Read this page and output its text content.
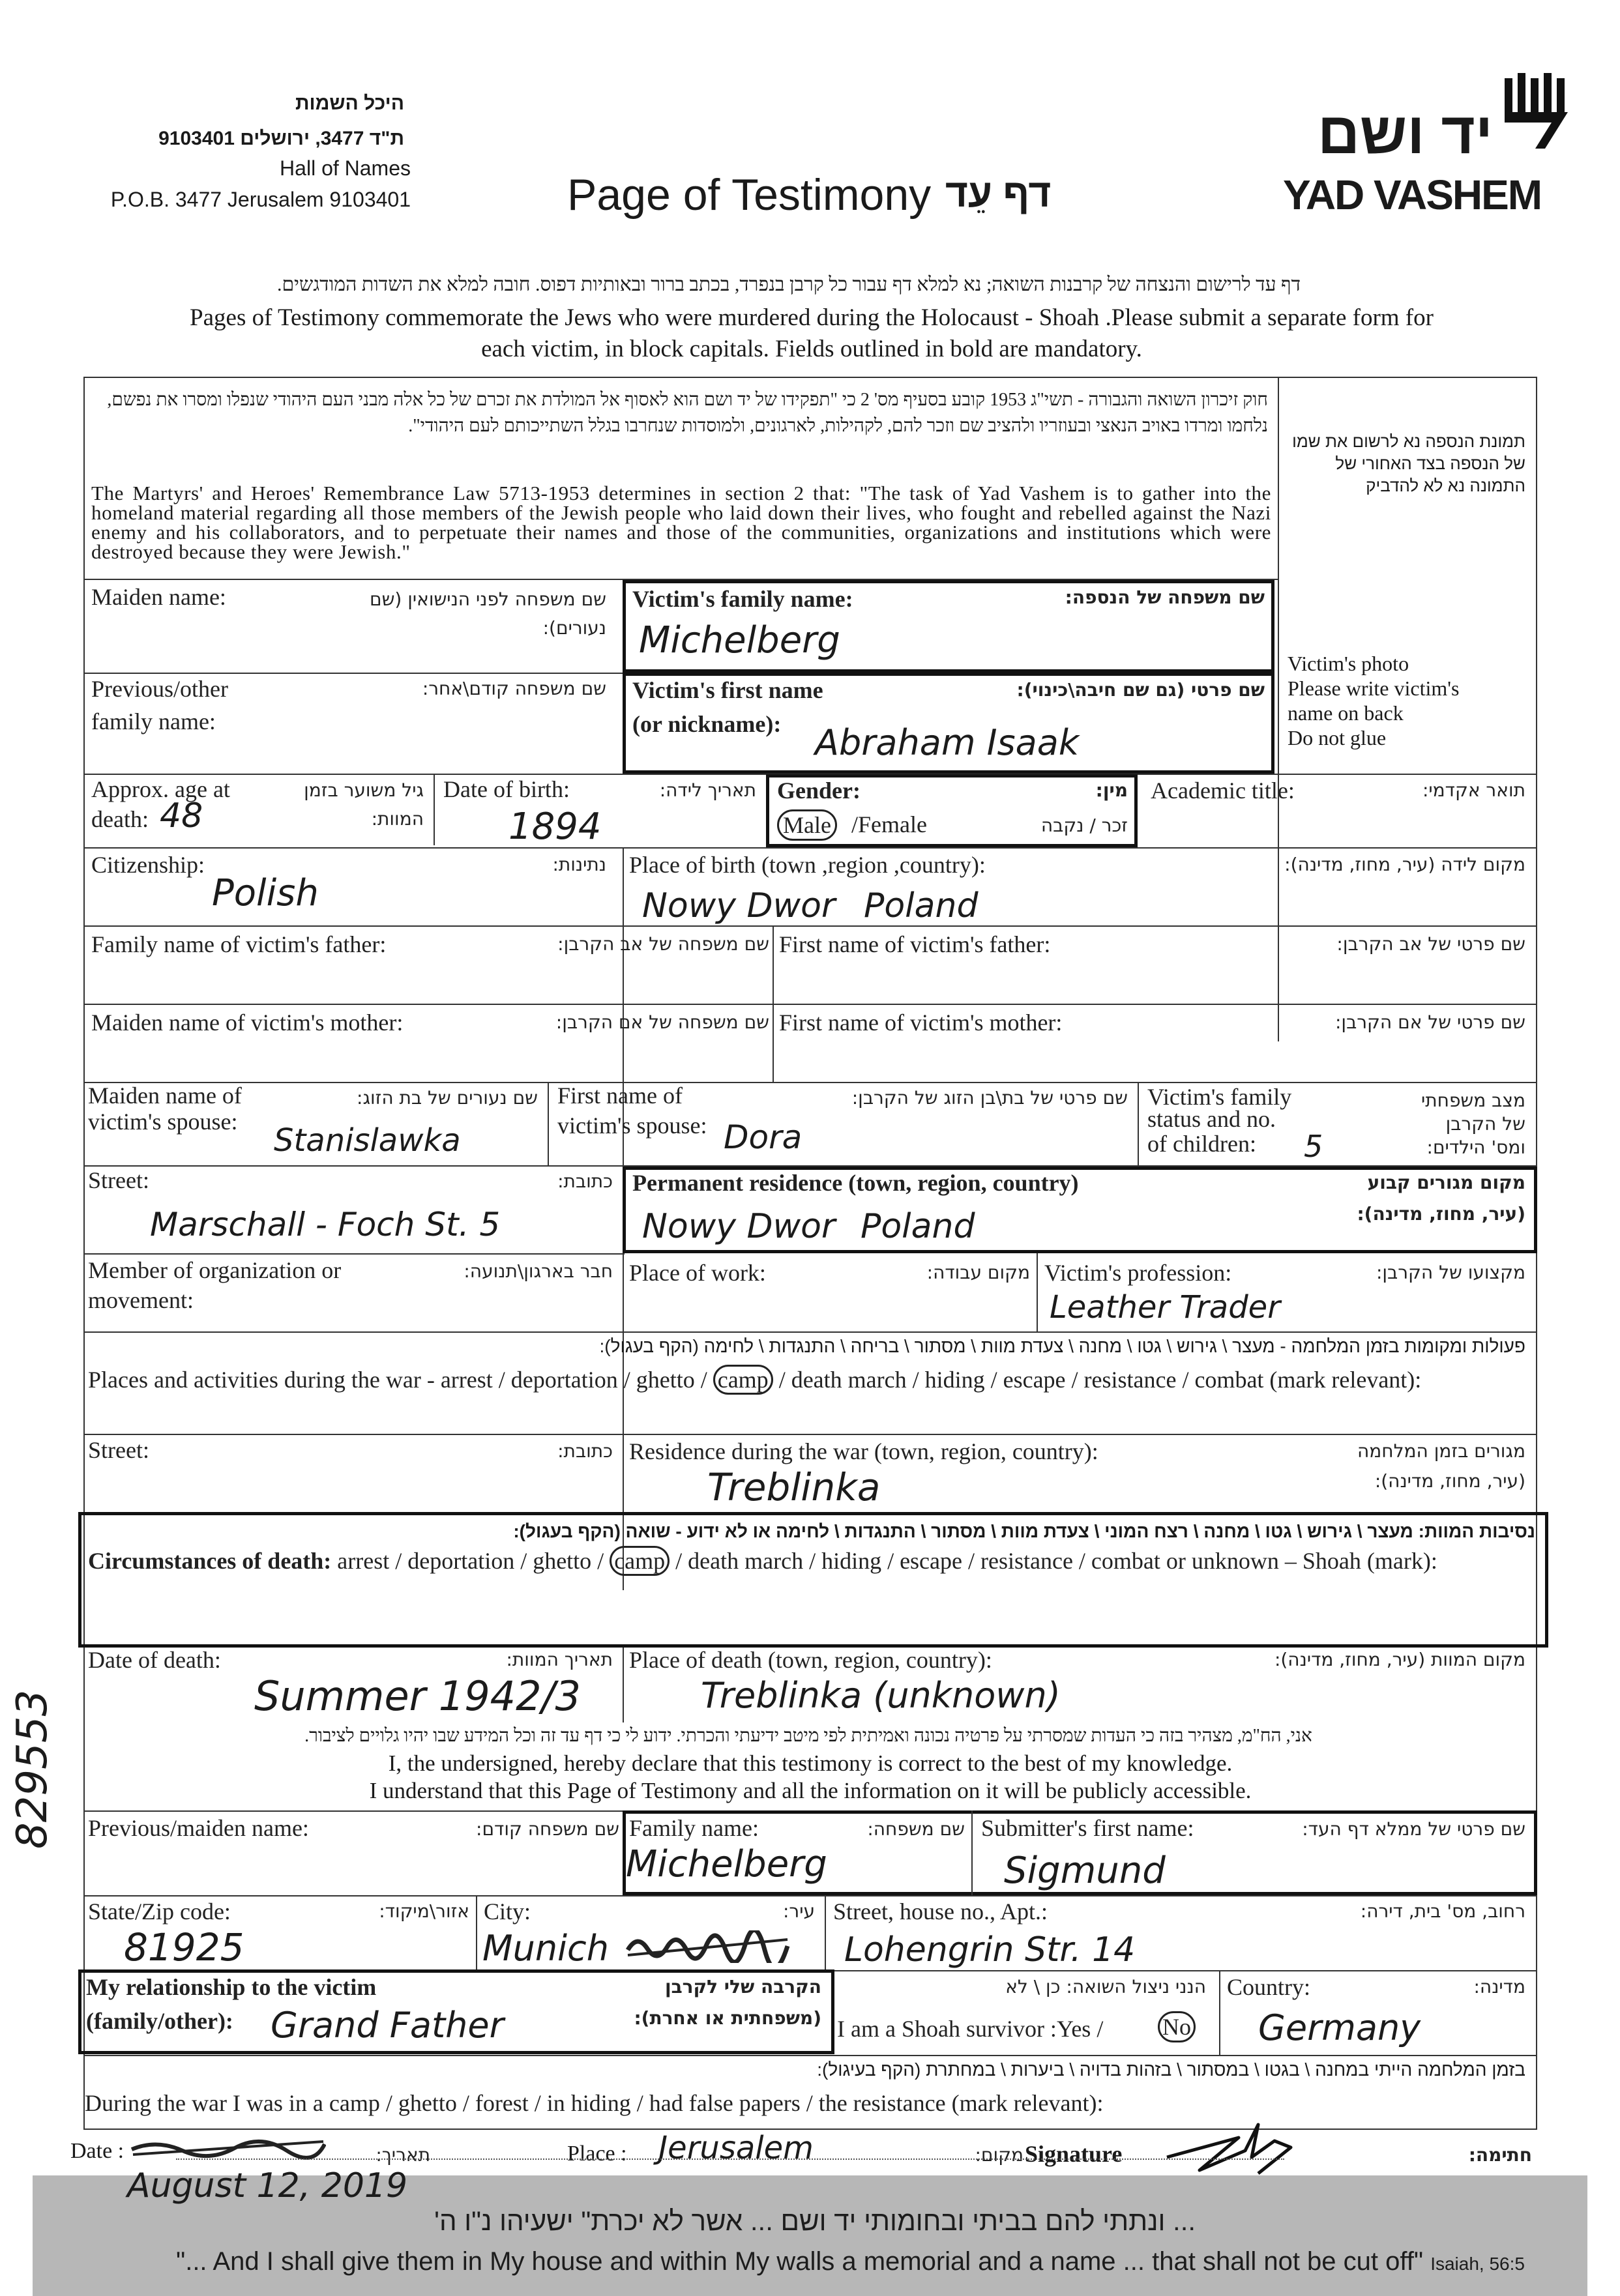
היכל השמות
ת"ד 3477, ירושלים 9103401
Hall of Names
P.O.B. 3477 Jerusalem 9103401	Page of Testimony דף עֵד
יד ושם
YAD VASHEM
דף עד לרישום והנצחה של קרבנות השואה; נא למלא דף עבור כל קרבן בנפרד, בכתב ברור ובאותיות דפוס. חובה למלא את השדות המודגשים.
Pages of Testimony commemorate the Jews who were murdered during the Holocaust - Shoah .Please submit a separate form for
each victim, in block capitals. Fields outlined in bold are mandatory.
חוק זיכרון השואה והגבורה - תשי"ג 1953 קובע בסעיף מס' 2 כי "תפקידו של יד ושם הוא לאסוף אל המולדת את זכרם של כל אלה מבני העם היהודי שנפלו ומסרו את נפשם, נלחמו ומרדו באויב הנאצי ובעוזריו ולהציב שם וזכר להם, לקהילות, לארגונים, ולמוסדות שנחרבו בגלל השתייכותם לעם היהודי".
The Martyrs' and Heroes' Remembrance Law 5713-1953 determines in section 2 that: "The task of Yad Vashem is to gather into the homeland material regarding all those members of the Jewish people who laid down their lives, who fought and rebelled against the Nazi enemy and his collaborators, and to perpetuate their names and those of the communities, organizations and institutions which were destroyed because they were Jewish."
תמונת הנספה נא לרשום את שמו של הנספה בצד האחורי של התמונה נא לא להדביק
Victim's photo
Please write victim's
name on back
Do not glue
Maiden name:	שם משפחה לפני הנישואין (שם נעורים):
Victim's family name:	שם משפחה של הנספה:
Michelberg
Previous/other
family name:
שם משפחה קודם\אחר: Victim's first name
(or nickname):
שם פרטי (גם שם חיבה\כינוי):
Abraham Isaak
Approx. age at
death:
גיל משוער בזמן
המוות:
48
Date of birth:	תאריך לידה:
1894
Gender:	מין:
Male /Female	זכר / נקבה
Academic title:	תואר אקדמי:
Citizenship:	נתינות:
Polish
Place of birth (town ,region ,country):	מקום לידה (עיר, מחוז, מדינה):
Nowy Dwor Poland
Family name of victim's father:	שם משפחה של אב הקרבן: First name of victim's father:	שם פרטי של אב הקרבן:
Maiden name of victim's mother:	שם משפחה של אם הקרבן: First name of victim's mother:	שם פרטי של אם הקרבן:
Maiden name of
victim's spouse:
שם נעורים של בת הזוג:
Stanislawka
First name of
victim's spouse:
שם פרטי של בת\בן הזוג של הקרבן:
Dora
Victim's family
status and no.
of children:
מצב משפחתי
של הקרבן
ומס' הילדים:
5
Street:	כתובת:
Marschall - Foch St. 5
Permanent residence (town, region, country)	מקום מגורים קבוע
(עיר, מחוז, מדינה):
Nowy Dwor Poland
Member of organization or
movement:
חבר בארגון\תנועה: Place of work:	מקום עבודה: Victim's profession:	מקצועו של הקרבן:
Leather Trader
פעולות ומקומות בזמן המלחמה - מעצר \ גירוש \ גטו \ מחנה \ צעדת מוות \ מסתור \ בריחה \ התנגדות \ לחימה (הקף בעגול):
Places and activities during the war - arrest / deportation / ghetto / camp / death march / hiding / escape / resistance / combat (mark relevant):
Street:	כתובת: Residence during the war (town, region, country):	מגורים בזמן המלחמה
(עיר, מחוז, מדינה):
Treblinka
נסיבות המוות: מעצר \ גירוש \ גטו \ מחנה \ רצח המוני \ צעדת מוות \ מסתור \ התנגדות \ לחימה או לא ידוע - שואה (הקף בעגול):
Circumstances of death: arrest / deportation / ghetto / camp / death march / hiding / escape / resistance / combat or unknown – Shoah (mark):
Date of death:	תאריך המוות:
Summer 1942/3
Place of death (town, region, country):	מקום המוות (עיר, מחוז, מדינה):
Treblinka (unknown)
אני, הח"מ, מצהיר בזה כי העדות שמסרתי על פרטיה נכונה ואמיתית לפי מיטב ידיעתי והכרתי. ידוע לי כי דף עד זה וכל המידע שבו יהיו גלויים לציבור.
I, the undersigned, hereby declare that this testimony is correct to the best of my knowledge.
I understand that this Page of Testimony and all the information on it will be publicly accessible.
Previous/maiden name:	שם משפחה קודם: Family name:	שם משפחה:
Michelberg
Submitter's first name:	שם פרטי של ממלא דף העד:
Sigmund
State/Zip code:	אזור\מיקוד:
81925
City:	עיר:
Munich
Street, house no., Apt.:	רחוב, מס' בית, דירה:
Lohengrin Str. 14
My relationship to the victim
(family/other):
הקרבה שלי לקרבן
(משפחתית או אחרת):
Grand Father
הנני ניצול השואה: כן \ לא
I am a Shoah survivor :Yes /	No
Country:	מדינה:
Germany
בזמן המלחמה הייתי במחנה \ בגטו \ במסתור \ בזהות בדויה \ ביערות \ במחתרת (הקף בעיגול):
During the war I was in a camp / ghetto / forest / in hiding / had false papers / the resistance (mark relevant):
Date :	תאריך:	Place : Jerusalem	מקום: Signature	חתימה:
August 12, 2019
... ונתתי להם בביתי ובחומותי יד ושם ... אשר לא יכרת" ישעיהו נ"ו ה'
"... And I shall give them in My house and within My walls a memorial and a name ... that shall not be cut off" Isaiah, 56:5
829553
